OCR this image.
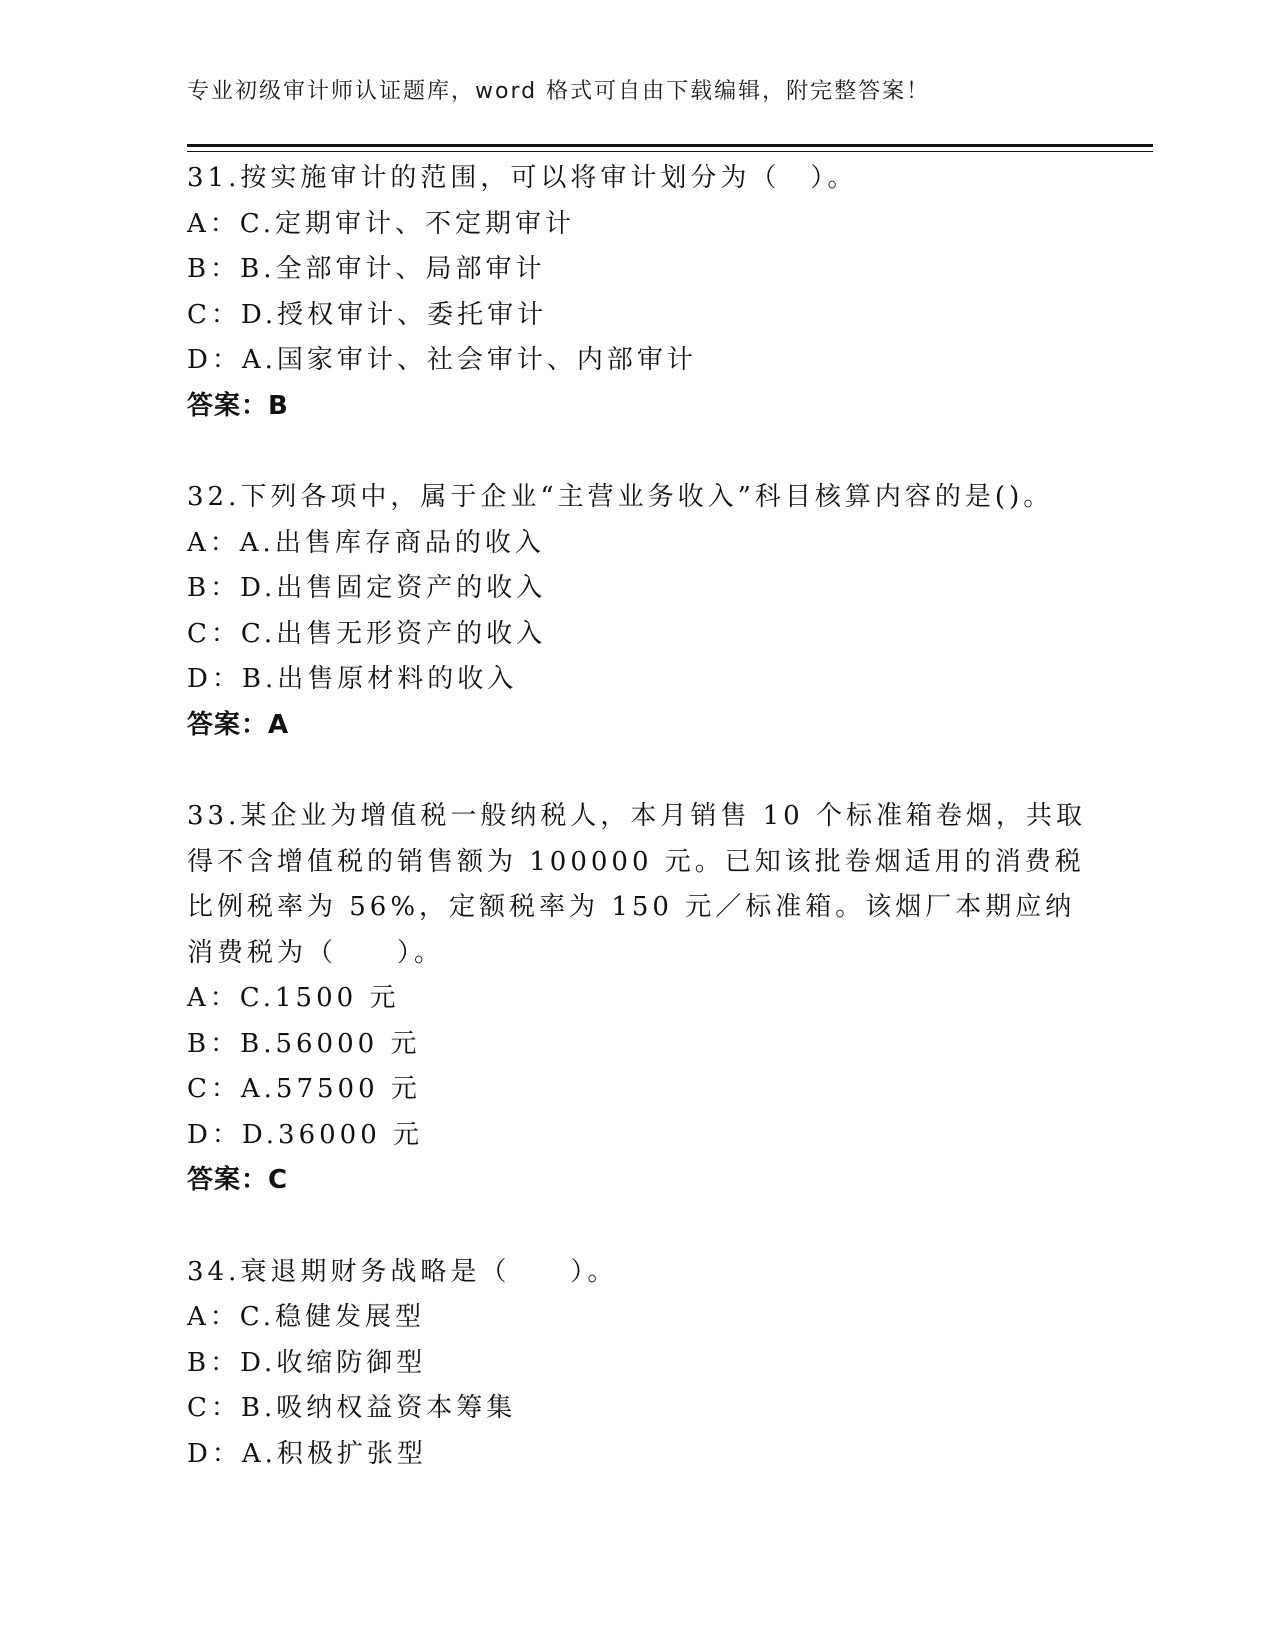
专业初级审计师认证题库，word 格式可自由下载编辑，附完整答案！
31.按实施审计的范围，可以将审计划分为（　）。
A：C.定期审计、不定期审计
B：B.全部审计、局部审计
C：D.授权审计、委托审计
D：A.国家审计、社会审计、内部审计
答案：B
32.下列各项中，属于企业“主营业务收入”科目核算内容的是()。
A：A.出售库存商品的收入
B：D.出售固定资产的收入
C：C.出售无形资产的收入
D：B.出售原材料的收入
答案：A
33.某企业为增值税一般纳税人，本月销售 10 个标准箱卷烟，共取得不含增值税的销售额为 100000 元。已知该批卷烟适用的消费税比例税率为 56%，定额税率为 150 元／标准箱。该烟厂本期应纳消费税为（　　）。
A：C.1500 元
B：B.56000 元
C：A.57500 元
D：D.36000 元
答案：C
34.衰退期财务战略是（　　）。
A：C.稳健发展型
B：D.收缩防御型
C：B.吸纳权益资本筹集
D：A.积极扩张型
